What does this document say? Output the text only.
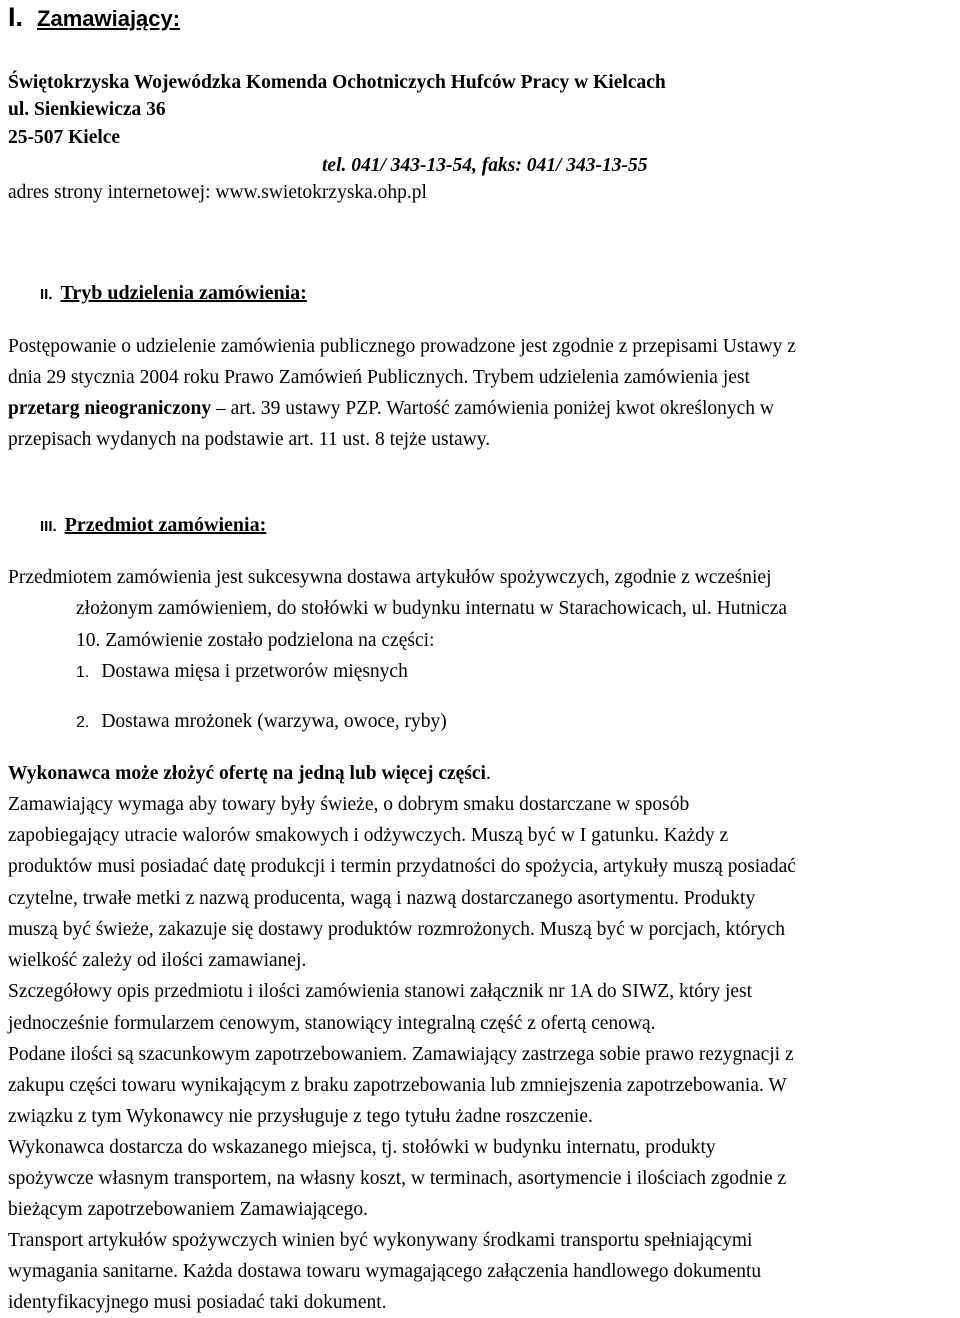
I. Zamawiający:
Świętokrzyska Wojewódzka Komenda Ochotniczych Hufców Pracy w Kielcach
ul. Sienkiewicza 36
25-507 Kielce
tel. 041/ 343-13-54, faks: 041/ 343-13-55
adres strony internetowej: www.swietokrzyska.ohp.pl
II. Tryb udzielenia zamówienia:
Postępowanie o udzielenie zamówienia publicznego prowadzone jest zgodnie z przepisami Ustawy z
dnia 29 stycznia 2004 roku Prawo Zamówień Publicznych. Trybem udzielenia zamówienia jest
przetarg nieograniczony – art. 39 ustawy PZP. Wartość zamówienia poniżej kwot określonych w
przepisach wydanych na podstawie art. 11 ust. 8 tejże ustawy.
III. Przedmiot zamówienia:
Przedmiotem zamówienia jest sukcesywna dostawa artykułów spożywczych, zgodnie z wcześniej
złożonym zamówieniem, do stołówki w budynku internatu w Starachowicach, ul. Hutnicza
10. Zamówienie zostało podzielona na części:
1. Dostawa mięsa i przetworów mięsnych
2. Dostawa mrożonek (warzywa, owoce, ryby)
Wykonawca może złożyć ofertę na jedną lub więcej części.
Zamawiający wymaga aby towary były świeże, o dobrym smaku dostarczane w sposób
zapobiegający utracie walorów smakowych i odżywczych. Muszą być w I gatunku. Każdy z
produktów musi posiadać datę produkcji i termin przydatności do spożycia, artykuły muszą posiadać
czytelne, trwałe metki z nazwą producenta, wagą i nazwą dostarczanego asortymentu. Produkty
muszą być świeże, zakazuje się dostawy produktów rozmrożonych. Muszą być w porcjach, których
wielkość zależy od ilości zamawianej.
Szczegółowy opis przedmiotu i ilości zamówienia stanowi załącznik nr 1A do SIWZ, który jest
jednocześnie formularzem cenowym, stanowiący integralną część z ofertą cenową.
Podane ilości są szacunkowym zapotrzebowaniem. Zamawiający zastrzega sobie prawo rezygnacji z
zakupu części towaru wynikającym z braku zapotrzebowania lub zmniejszenia zapotrzebowania. W
związku z tym Wykonawcy nie przysługuje z tego tytułu żadne roszczenie.
Wykonawca dostarcza do wskazanego miejsca, tj. stołówki w budynku internatu, produkty
spożywcze własnym transportem, na własny koszt, w terminach, asortymencie i ilościach zgodnie z
bieżącym zapotrzebowaniem Zamawiającego.
Transport artykułów spożywczych winien być wykonywany środkami transportu spełniającymi
wymagania sanitarne. Każda dostawa towaru wymagającego załączenia handlowego dokumentu
identyfikacyjnego musi posiadać taki dokument.
